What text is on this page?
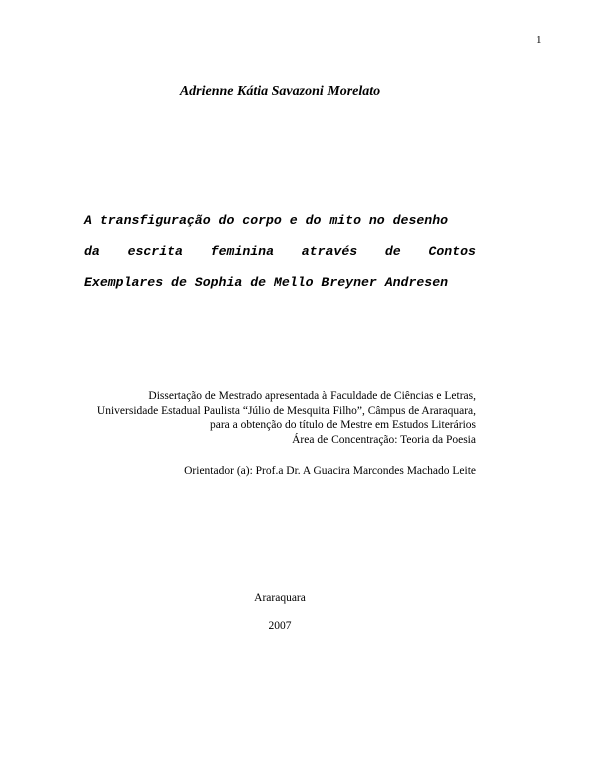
1
Adrienne Kátia Savazoni Morelato
A transfiguração do corpo e do mito no desenho
da escrita feminina através de Contos
Exemplares de Sophia de Mello Breyner Andresen
Dissertação de Mestrado apresentada à Faculdade de Ciências e Letras,
Universidade Estadual Paulista “Júlio de Mesquita Filho”, Câmpus de Araraquara,
para a obtenção do título de Mestre em Estudos Literários
Área de Concentração: Teoria da Poesia
Orientador (a): Prof.a Dr. A Guacira Marcondes Machado Leite
Araraquara
2007
